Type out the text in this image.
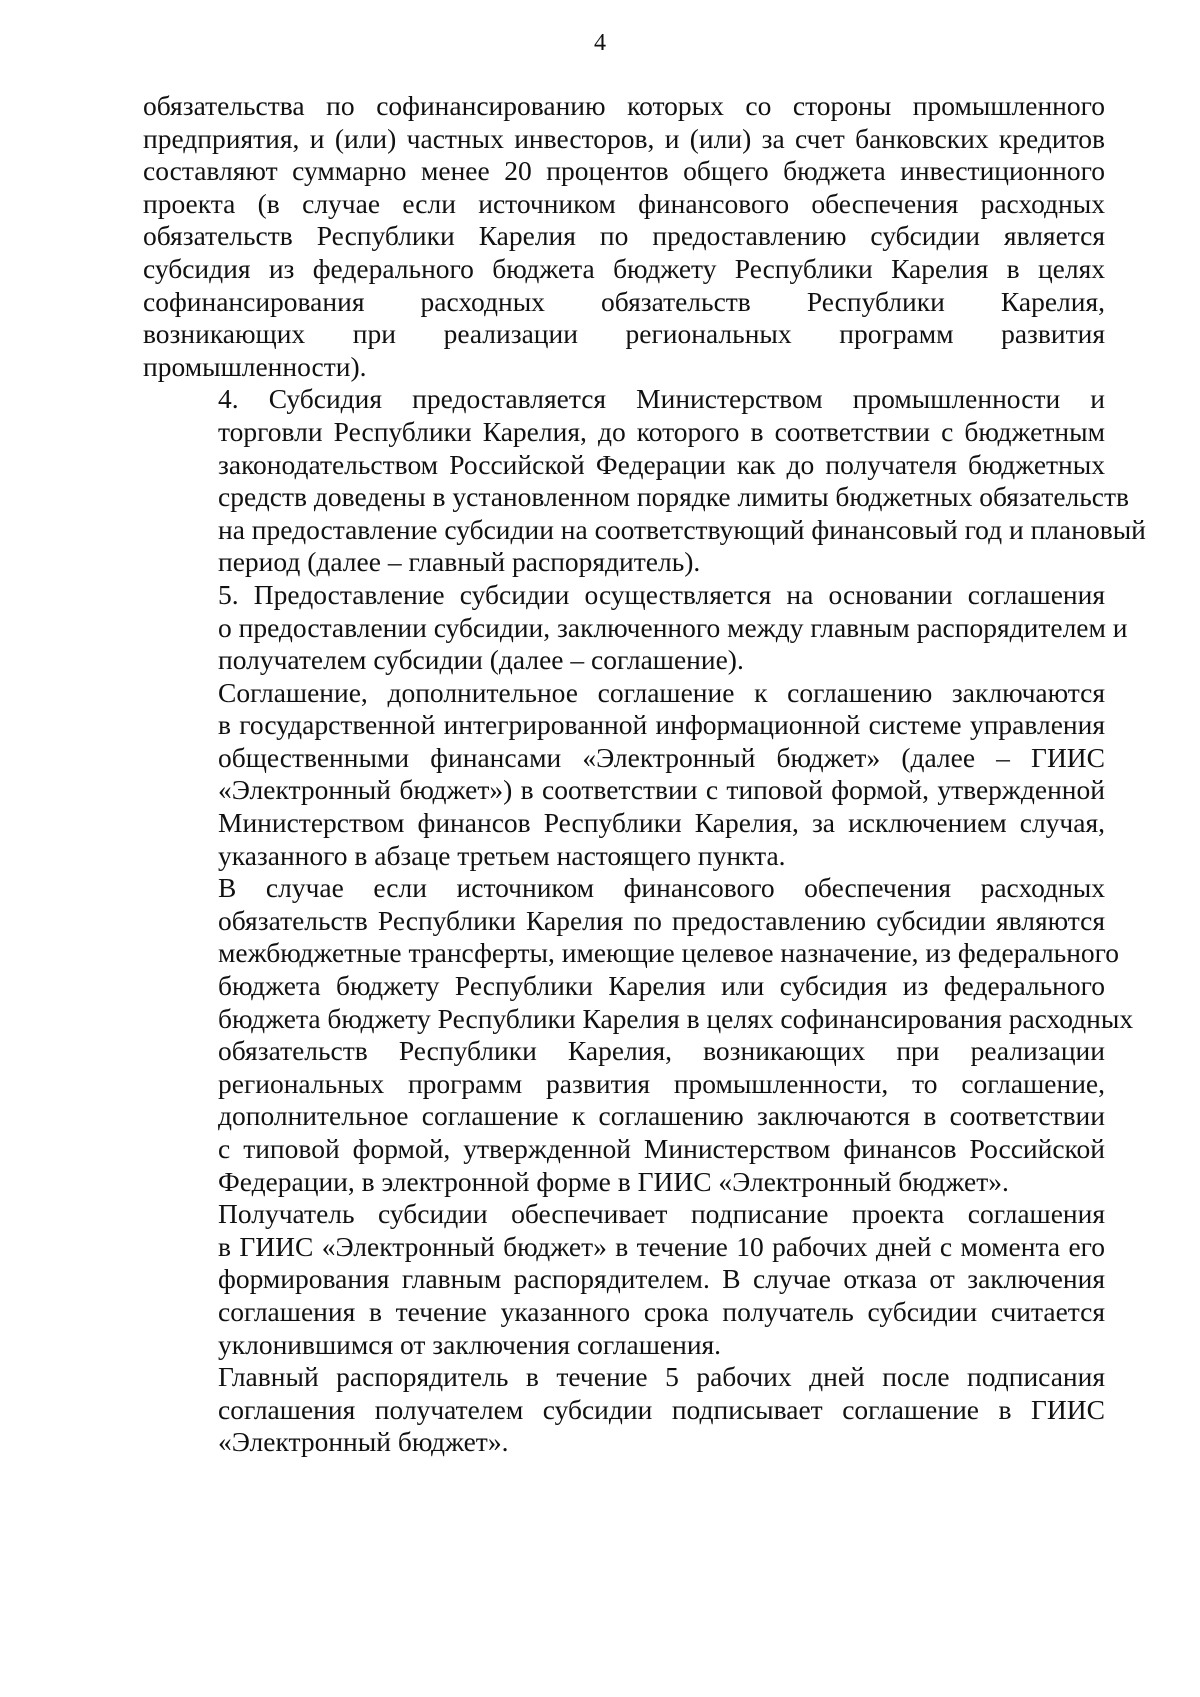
4

обязательства по софинансированию которых со стороны промышленного
предприятия, и (или) частных инвесторов, и (или) за счет банковских кредитов
составляют суммарно менее 20 процентов общего бюджета инвестиционного
проекта (в случае если источником финансового обеспечения расходных
обязательств Республики Карелия по предоставлению субсидии является
субсидия из федерального бюджета бюджету Республики Карелия в целях
софинансирования расходных обязательств Республики Карелия,
возникающих при реализации региональных программ развития
промышленности).

4. Субсидия предоставляется Министерством промышленности и
торговли Республики Карелия, до которого в соответствии с бюджетным
законодательством Российской Федерации как до получателя бюджетных
средств доведены в установленном порядке лимиты бюджетных обязательств
на предоставление субсидии на соответствующий финансовый год и плановый
период (далее – главный распорядитель).

5. Предоставление субсидии осуществляется на основании соглашения
о предоставлении субсидии, заключенного между главным распорядителем и
получателем субсидии (далее – соглашение).

Соглашение, дополнительное соглашение к соглашению заключаются
в государственной интегрированной информационной системе управления
общественными финансами «Электронный бюджет» (далее – ГИИС
«Электронный бюджет») в соответствии с типовой формой, утвержденной
Министерством финансов Республики Карелия, за исключением случая,
указанного в абзаце третьем настоящего пункта.

В случае если источником финансового обеспечения расходных
обязательств Республики Карелия по предоставлению субсидии являются
межбюджетные трансферты, имеющие целевое назначение, из федерального
бюджета бюджету Республики Карелия или субсидия из федерального
бюджета бюджету Республики Карелия в целях софинансирования расходных
обязательств Республики Карелия, возникающих при реализации
региональных программ развития промышленности, то соглашение,
дополнительное соглашение к соглашению заключаются в соответствии
с типовой формой, утвержденной Министерством финансов Российской
Федерации, в электронной форме в ГИИС «Электронный бюджет».

Получатель субсидии обеспечивает подписание проекта соглашения
в ГИИС «Электронный бюджет» в течение 10 рабочих дней с момента его
формирования главным распорядителем. В случае отказа от заключения
соглашения в течение указанного срока получатель субсидии считается
уклонившимся от заключения соглашения.

Главный распорядитель в течение 5 рабочих дней после подписания
соглашения получателем субсидии подписывает соглашение в ГИИС
«Электронный бюджет».
